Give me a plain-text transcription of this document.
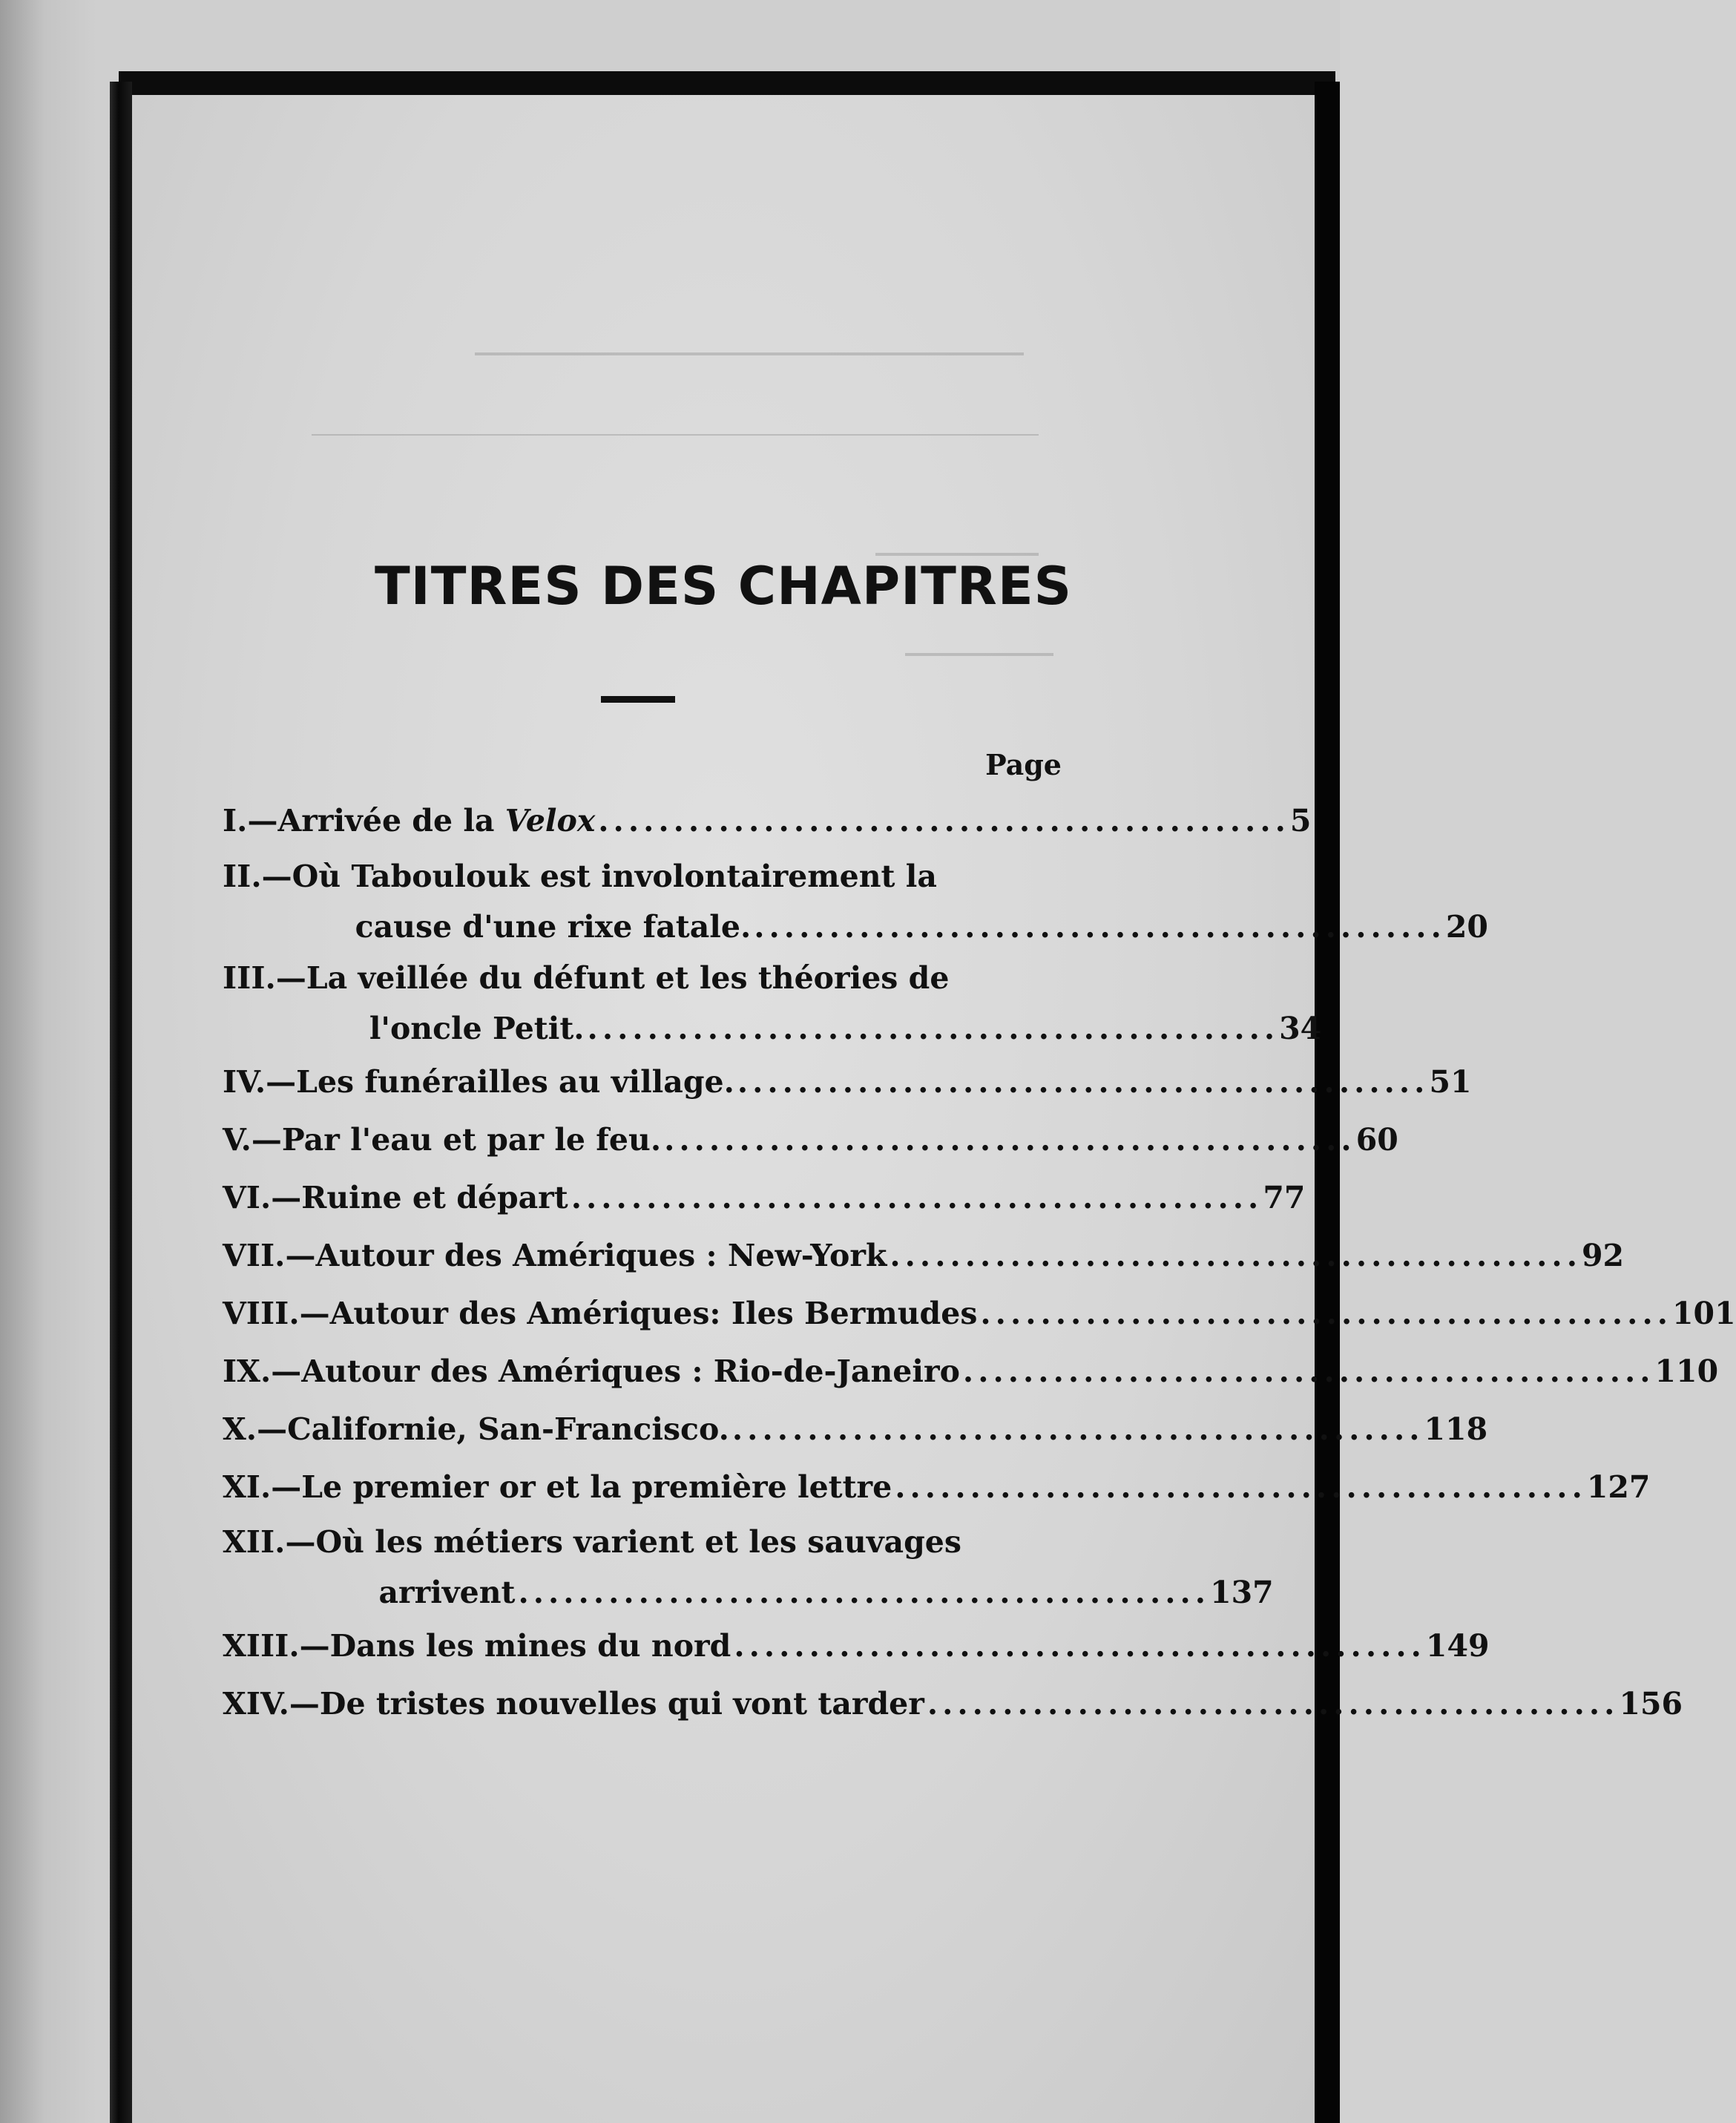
TITRES DES CHAPITRES
Page
I. — Arrivée de la
Velox .............................................. 5
II. — Où Taboulouk est involontairement la
cause d'une rixe fatale. .............................................. 20
III. — La veillée du défunt et les théories de
l'oncle Petit. .............................................. 34
IV. — Les funérailles au village. .............................................. 51
V. — Par l'eau et par le feu. .............................................. 60
VI. — Ruine et départ .............................................. 77
VII. — Autour des Amériques : New-York .............................................. 92
VIII. — Autour des Amériques: Iles Bermudes .............................................. 101
IX. — Autour des Amériques : Rio-de-Janeiro .............................................. 110
X. — Californie, San-Francisco. .............................................. 118
XI. — Le premier or et la première lettre .............................................. 127
XII. — Où les métiers varient et les sauvages
arrivent .............................................. 137
XIII. — Dans les mines du nord .............................................. 149
XIV. — De tristes nouvelles qui vont tarder .............................................. 156
